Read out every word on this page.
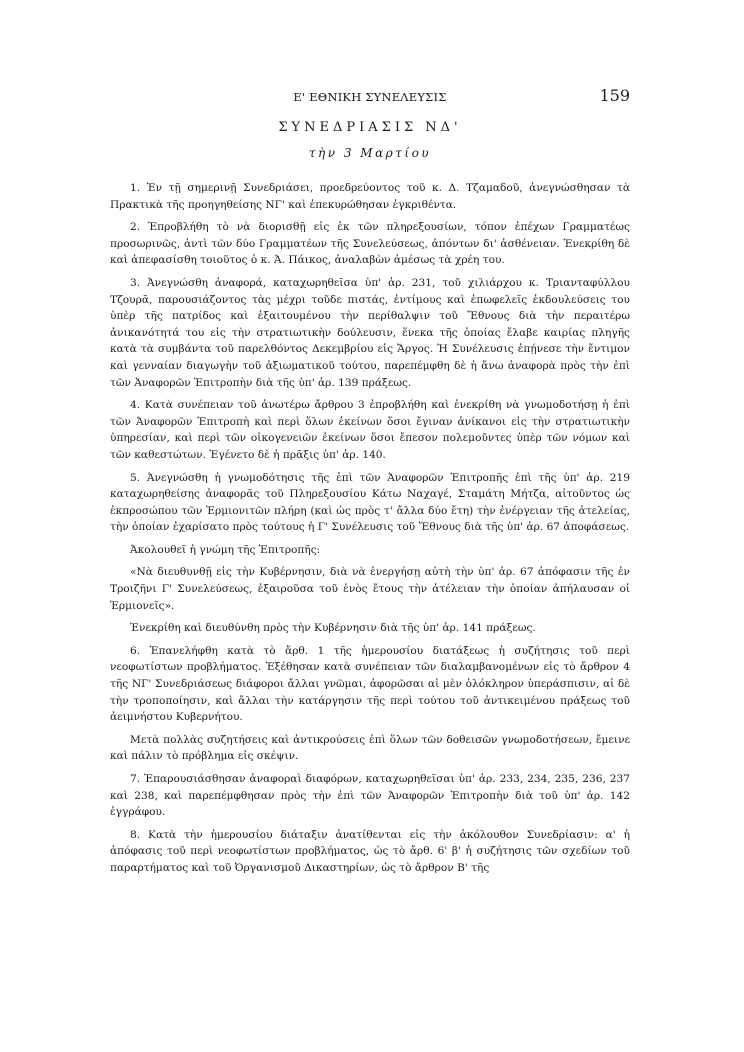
Ε' ΕΘΝΙΚΗ ΣΥΝΕΛΕΥΣΙΣ	159
ΣΥΝΕΔΡΙΑΣΙΣ ΝΔ'
τὴν 3 Μαρτίου

1. Ἐν τῇ σημερινῇ Συνεδριάσει, προεδρεύοντος τοῦ κ. Δ. Τζαμαδοῦ, ἀνεγνώσθησαν τὰ Πρακτικὰ τῆς προηγηθείσης ΝΓ' καὶ ἐπεκυρώθησαν ἐγκριθέντα.

2. Ἐπροβλήθη τὸ νὰ διορισθῇ εἰς ἐκ τῶν πληρεξουσίων, τόπον ἐπέχων Γραμματέως προσωρινῶς, ἀντὶ τῶν δύο Γραμματέων τῆς Συνελεύσεως, ἀπόντων δι' ἀσθένειαν. Ἐνεκρίθη δὲ καὶ ἀπεφασίσθη τοιοῦτος ὁ κ. Ἀ. Πάικος, ἀναλαβὼν ἀμέσως τὰ χρέη του.

3. Ἀνεγνώσθη ἀναφορά, καταχωρηθεῖσα ὑπ' ἀρ. 231, τοῦ χιλιάρχου κ. Τριανταφύλλου Τζουρᾶ, παρουσιάζοντος τὰς μέχρι τοῦδε πιστάς, ἐντίμους καὶ ἐπωφελεῖς ἐκδουλεύσεις του ὑπὲρ τῆς πατρίδος καὶ ἐξαιτουμένου τὴν περίθαλψιν τοῦ Ἔθνους διὰ τὴν περαιτέρω ἀνικανότητά του εἰς τὴν στρατιωτικὴν δούλευσιν, ἕνεκα τῆς ὁποίας ἔλαβε καιρίας πληγῆς κατὰ τὰ συμβάντα τοῦ παρελθόντος Δεκεμβρίου εἰς Ἄργος. Ἡ Συνέλευσις ἐπῄνεσε τὴν ἔντιμον καὶ γενναίαν διαγωγὴν τοῦ ἀξιωματικοῦ τούτου, παρεπέμφθη δὲ ἡ ἄνω ἀναφορὰ πρὸς τὴν ἐπὶ τῶν Ἀναφορῶν Ἐπιτροπὴν διὰ τῆς ὑπ' ἀρ. 139 πράξεως.

4. Κατὰ συνέπειαν τοῦ ἀνωτέρω ἄρθρου 3 ἐπροβλήθη καὶ ἐνεκρίθη νὰ γνωμοδοτήσῃ ἡ ἐπὶ τῶν Ἀναφορῶν Ἐπιτροπὴ καὶ περὶ ὅλων ἐκείνων ὅσοι ἔγιναν ἀνίκανοι εἰς τὴν στρατιωτικὴν ὑπηρεσίαν, καὶ περὶ τῶν οἰκογενειῶν ἐκείνων ὅσοι ἔπεσον πολεμοῦντες ὑπὲρ τῶν νόμων καὶ τῶν καθεστώτων. Ἐγένετο δὲ ἡ πρᾶξις ὑπ' ἀρ. 140.

5. Ἀνεγνώσθη ἡ γνωμοδότησις τῆς ἐπὶ τῶν Ἀναφορῶν Ἐπιτροπῆς ἐπὶ τῆς ὑπ' ἀρ. 219 καταχωρηθείσης ἀναφορᾶς τοῦ Πληρεξουσίου Κάτω Ναχαγέ, Σταμάτη Μήτζα, αἰτοῦντος ὡς ἐκπροσώπου τῶν Ἑρμιονιτῶν πλήρη (καὶ ὡς πρὸς τ' ἄλλα δύο ἔτη) τὴν ἐνέργειαν τῆς ἀτελείας, τὴν ὁποίαν ἐχαρίσατο πρὸς τούτους ἡ Γ' Συνέλευσις τοῦ Ἔθνους διὰ τῆς ὑπ' ἀρ. 67 ἀποφάσεως.

Ἀκολουθεῖ ἡ γνώμη τῆς Ἐπιτροπῆς:

«Νὰ διευθυνθῇ εἰς τὴν Κυβέρνησιν, διὰ νὰ ἐνεργήσῃ αὐτὴ τὴν ὑπ' ἀρ. 67 ἀπόφασιν τῆς ἐν Τροιζῆνι Γ' Συνελεύσεως, ἐξαιροῦσα τοῦ ἑνὸς ἔτους τὴν ἀτέλειαν τὴν ὁποίαν ἀπήλαυσαν οἱ Ἑρμιονεῖς».

Ἐνεκρίθη καὶ διευθύνθη πρὸς τὴν Κυβέρνησιν διὰ τῆς ὑπ' ἀρ. 141 πράξεως.

6. Ἐπανελήφθη κατὰ τὸ ἄρθ. 1 τῆς ἡμερουσίου διατάξεως ἡ συζήτησις τοῦ περὶ νεοφωτίστων προβλήματος. Ἐξέθησαν κατὰ συνέπειαν τῶν διαλαμβανομένων εἰς τὸ ἄρθρον 4 τῆς ΝΓ' Συνεδριάσεως διάφοροι ἄλλαι γνῶμαι, ἀφορῶσαι αἱ μὲν ὁλόκληρον ὑπεράσπισιν, αἱ δὲ τὴν τροποποίησιν, καὶ ἄλλαι τὴν κατάργησιν τῆς περὶ τούτου τοῦ ἀντικειμένου πράξεως τοῦ ἀειμνήστου Κυβερνήτου.

Μετὰ πολλὰς συζητήσεις καὶ ἀντικρούσεις ἐπὶ ὅλων τῶν δοθεισῶν γνωμοδοτήσεων, ἔμεινε καὶ πάλιν τὸ πρόβλημα εἰς σκέψιν.

7. Ἐπαρουσιάσθησαν ἀναφοραὶ διαφόρων, καταχωρηθεῖσαι ὑπ' ἀρ. 233, 234, 235, 236, 237 καὶ 238, καὶ παρεπέμφθησαν πρὸς τὴν ἐπὶ τῶν Ἀναφορῶν Ἐπιτροπὴν διὰ τοῦ ὑπ' ἀρ. 142 ἐγγράφου.

8. Κατὰ τὴν ἡμερουσίου διάταξιν ἀνατίθενται εἰς τὴν ἀκόλουθον Συνεδρίασιν: α' ἡ ἀπόφασις τοῦ περὶ νεοφωτίστων προβλήματος, ὡς τὸ ἄρθ. 6' β' ἡ συζήτησις τῶν σχεδίων τοῦ παραρτήματος καὶ τοῦ Ὀργανισμοῦ Δικαστηρίων, ὡς τὸ ἄρθρον Β' τῆς
